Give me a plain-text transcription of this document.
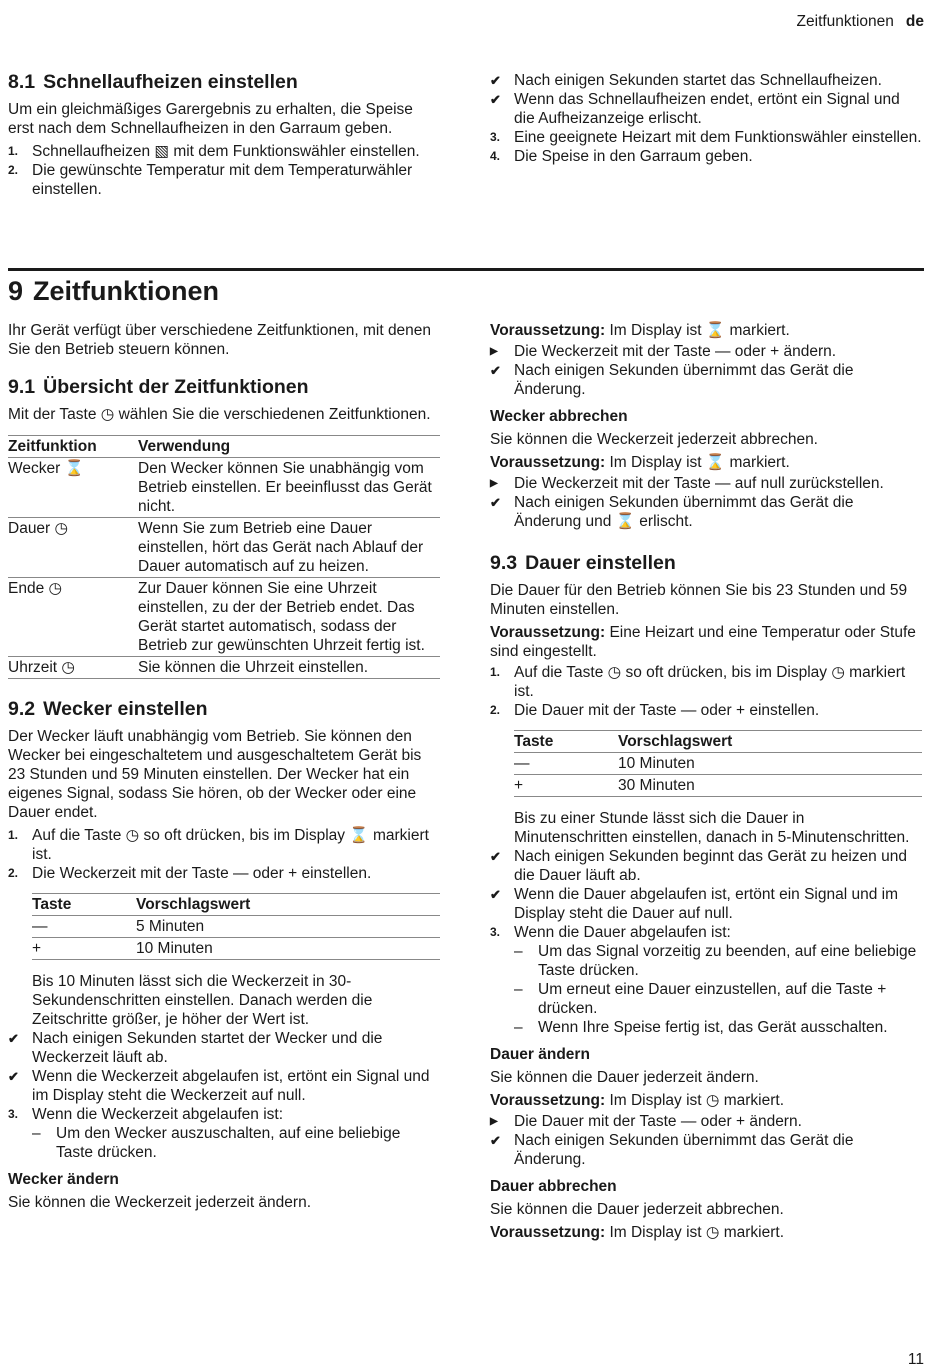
Zeitfunktionen de
8.1 Schnellaufheizen einstellen

Um ein gleichmäßiges Garergebnis zu erhalten, die Speise erst nach dem Schnellaufheizen in den Garraum geben.

1. Schnellaufheizen ▧ mit dem Funktionswähler einstellen.
2. Die gewünschte Temperatur mit dem Temperaturwähler einstellen.
✔ Nach einigen Sekunden startet das Schnellaufheizen.
✔ Wenn das Schnellaufheizen endet, ertönt ein Signal und die Aufheizanzeige erlischt.
3. Eine geeignete Heizart mit dem Funktionswähler einstellen.
4. Die Speise in den Garraum geben.
9 Zeitfunktionen

Ihr Gerät verfügt über verschiedene Zeitfunktionen, mit denen Sie den Betrieb steuern können.

9.1 Übersicht der Zeitfunktionen

Mit der Taste ◷ wählen Sie die verschiedenen Zeitfunktionen.

Zeitfunktion	Verwendung
Wecker ⌛	Den Wecker können Sie unabhängig vom Betrieb einstellen. Er beeinflusst das Gerät nicht.
Dauer ◷	Wenn Sie zum Betrieb eine Dauer einstellen, hört das Gerät nach Ablauf der Dauer automatisch auf zu heizen.
Ende ◷	Zur Dauer können Sie eine Uhrzeit einstellen, zu der der Betrieb endet. Das Gerät startet automatisch, sodass der Betrieb zur gewünschten Uhrzeit fertig ist.
Uhrzeit ◷	Sie können die Uhrzeit einstellen.
9.2 Wecker einstellen

Der Wecker läuft unabhängig vom Betrieb. Sie können den Wecker bei eingeschaltetem und ausgeschaltetem Gerät bis 23 Stunden und 59 Minuten einstellen. Der Wecker hat ein eigenes Signal, sodass Sie hören, ob der Wecker oder eine Dauer endet.

1. Auf die Taste ◷ so oft drücken, bis im Display ⌛ markiert ist.
2. Die Weckerzeit mit der Taste — oder + einstellen.
Taste	Vorschlagswert
—	5 Minuten
+	10 Minuten

Bis 10 Minuten lässt sich die Weckerzeit in 30-Sekundenschritten einstellen. Danach werden die Zeitschritte größer, je höher der Wert ist.

✔ Nach einigen Sekunden startet der Wecker und die Weckerzeit läuft ab.
✔ Wenn die Weckerzeit abgelaufen ist, ertönt ein Signal und im Display steht die Weckerzeit auf null.
3. Wenn die Weckerzeit abgelaufen ist:
– Um den Wecker auszuschalten, auf eine beliebige Taste drücken.
Wecker ändern

Sie können die Weckerzeit jederzeit ändern.

Voraussetzung: Im Display ist ⌛ markiert.

▶ Die Weckerzeit mit der Taste — oder + ändern.
✔ Nach einigen Sekunden übernimmt das Gerät die Änderung.
Wecker abbrechen

Sie können die Weckerzeit jederzeit abbrechen.

Voraussetzung: Im Display ist ⌛ markiert.

▶ Die Weckerzeit mit der Taste — auf null zurückstellen.
✔ Nach einigen Sekunden übernimmt das Gerät die Änderung und ⌛ erlischt.
9.3 Dauer einstellen

Die Dauer für den Betrieb können Sie bis 23 Stunden und 59 Minuten einstellen.

Voraussetzung: Eine Heizart und eine Temperatur oder Stufe sind eingestellt.

1. Auf die Taste ◷ so oft drücken, bis im Display ◷ markiert ist.
2. Die Dauer mit der Taste — oder + einstellen.
Taste	Vorschlagswert
—	10 Minuten
+	30 Minuten

Bis zu einer Stunde lässt sich die Dauer in Minutenschritten einstellen, danach in 5-Minutenschritten.

✔ Nach einigen Sekunden beginnt das Gerät zu heizen und die Dauer läuft ab.
✔ Wenn die Dauer abgelaufen ist, ertönt ein Signal und im Display steht die Dauer auf null.
3. Wenn die Dauer abgelaufen ist:
– Um das Signal vorzeitig zu beenden, auf eine beliebige Taste drücken.
– Um erneut eine Dauer einzustellen, auf die Taste + drücken.
– Wenn Ihre Speise fertig ist, das Gerät ausschalten.
Dauer ändern

Sie können die Dauer jederzeit ändern.

Voraussetzung: Im Display ist ◷ markiert.

▶ Die Dauer mit der Taste — oder + ändern.
✔ Nach einigen Sekunden übernimmt das Gerät die Änderung.
Dauer abbrechen

Sie können die Dauer jederzeit abbrechen.

Voraussetzung: Im Display ist ◷ markiert.

11
